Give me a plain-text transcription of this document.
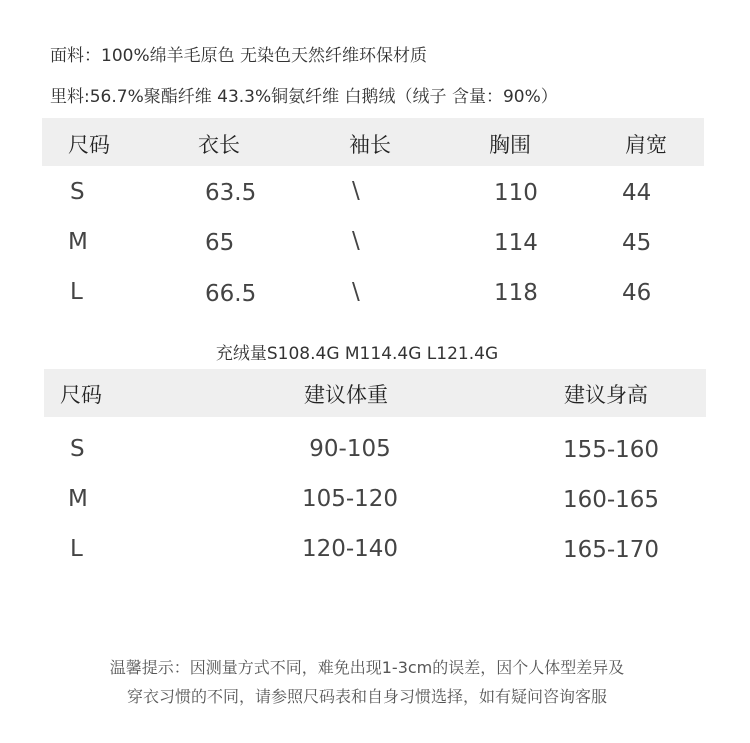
面料：100%绵羊毛原色 无染色天然纤维环保材质
里料:56.7%聚酯纤维 43.3%铜氨纤维 白鹅绒（绒子 含量：90%）
尺码	衣长	袖长	胸围	肩宽
S	63.5	\	110	44
M	65	\	114	45
L	66.5	\	118	46
充绒量S108.4G M114.4G L121.4G
尺码	建议体重	建议身高
S	90-105	155-160
M	105-120	160-165
L	120-140	165-170
温馨提示：因测量方式不同，难免出现1-3cm的误差，因个人体型差异及
穿衣习惯的不同，请参照尺码表和自身习惯选择，如有疑问咨询客服
